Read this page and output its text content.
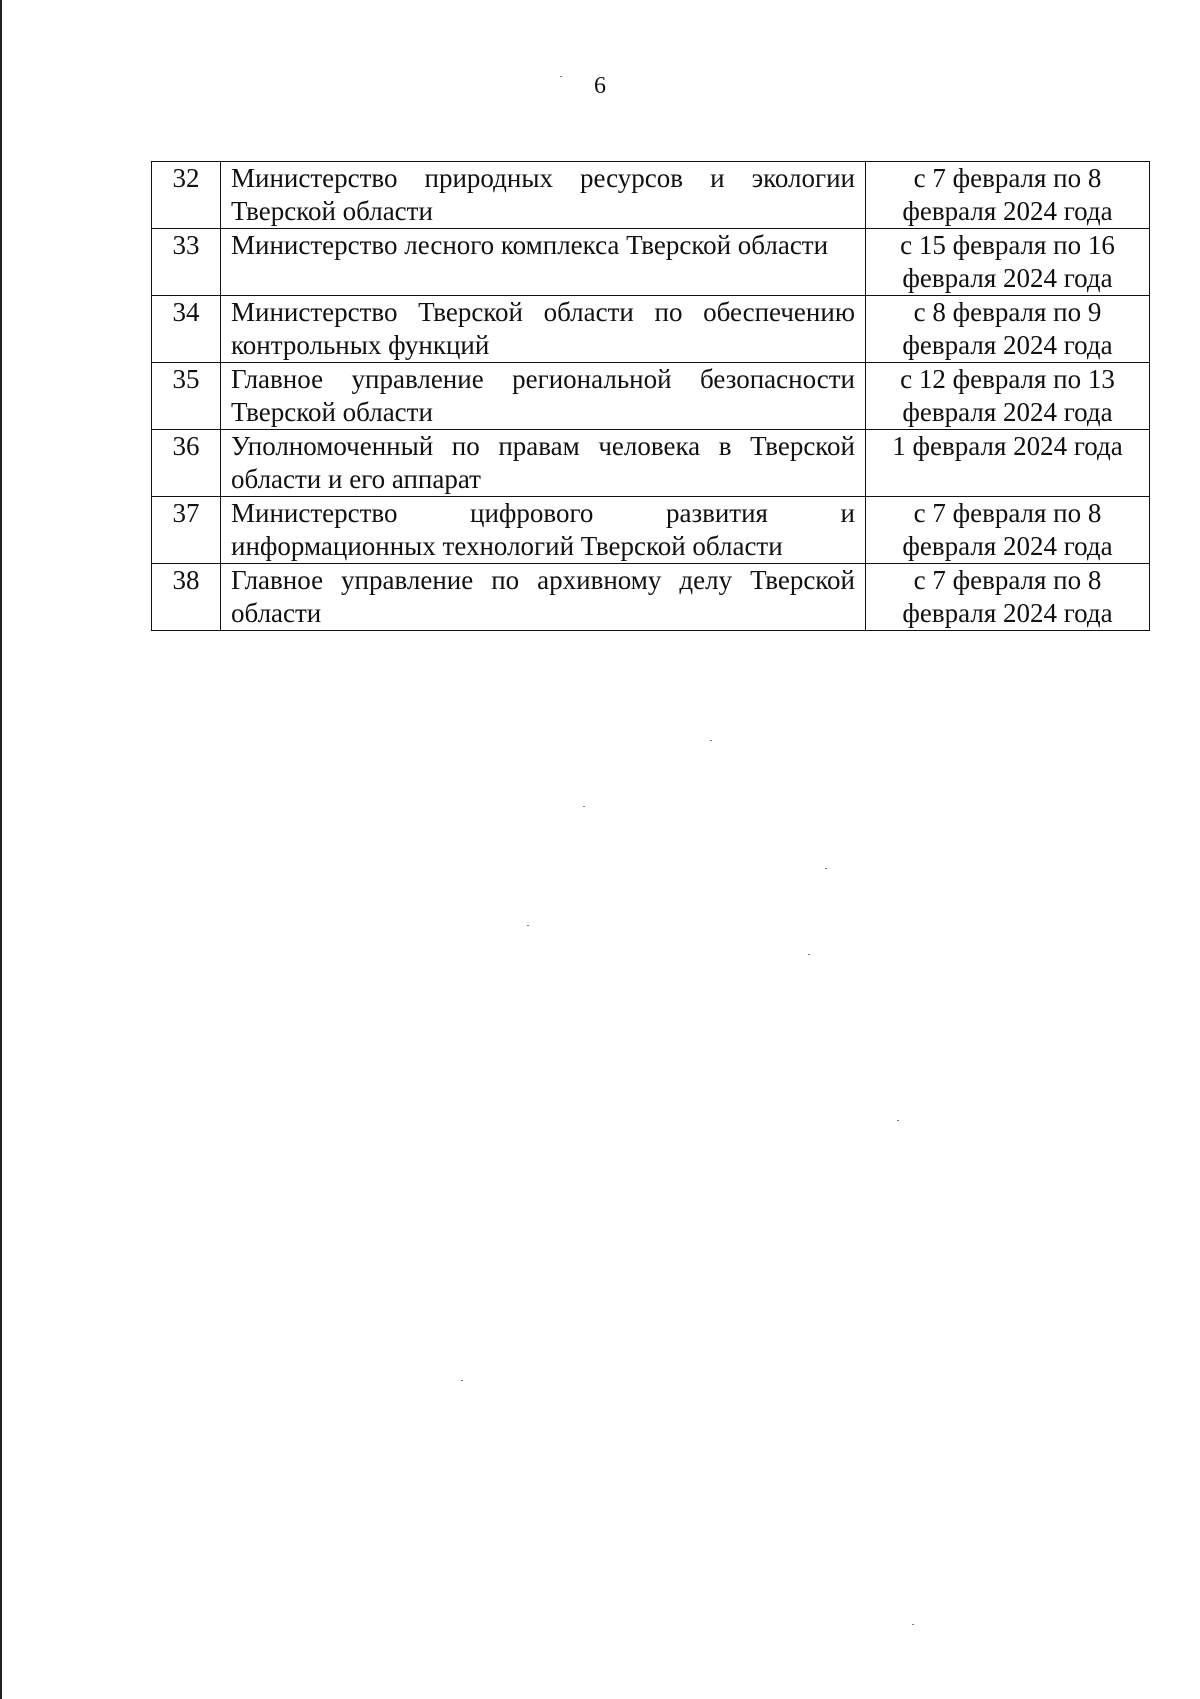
6
32	Министерство природных ресурсов и экологии Тверской области	с 7 февраля по 8 февраля 2024 года
33	Министерство лесного комплекса Тверской области	с 15 февраля по 16 февраля 2024 года
34	Министерство Тверской области по обеспечению контрольных функций	с 8 февраля по 9 февраля 2024 года
35	Главное управление региональной безопасности Тверской области	с 12 февраля по 13 февраля 2024 года
36	Уполномоченный по правам человека в Тверской области и его аппарат	1 февраля 2024 года
37	Министерство цифрового развития и информационных технологий Тверской области	с 7 февраля по 8 февраля 2024 года
38	Главное управление по архивному делу Тверской области	с 7 февраля по 8 февраля 2024 года
